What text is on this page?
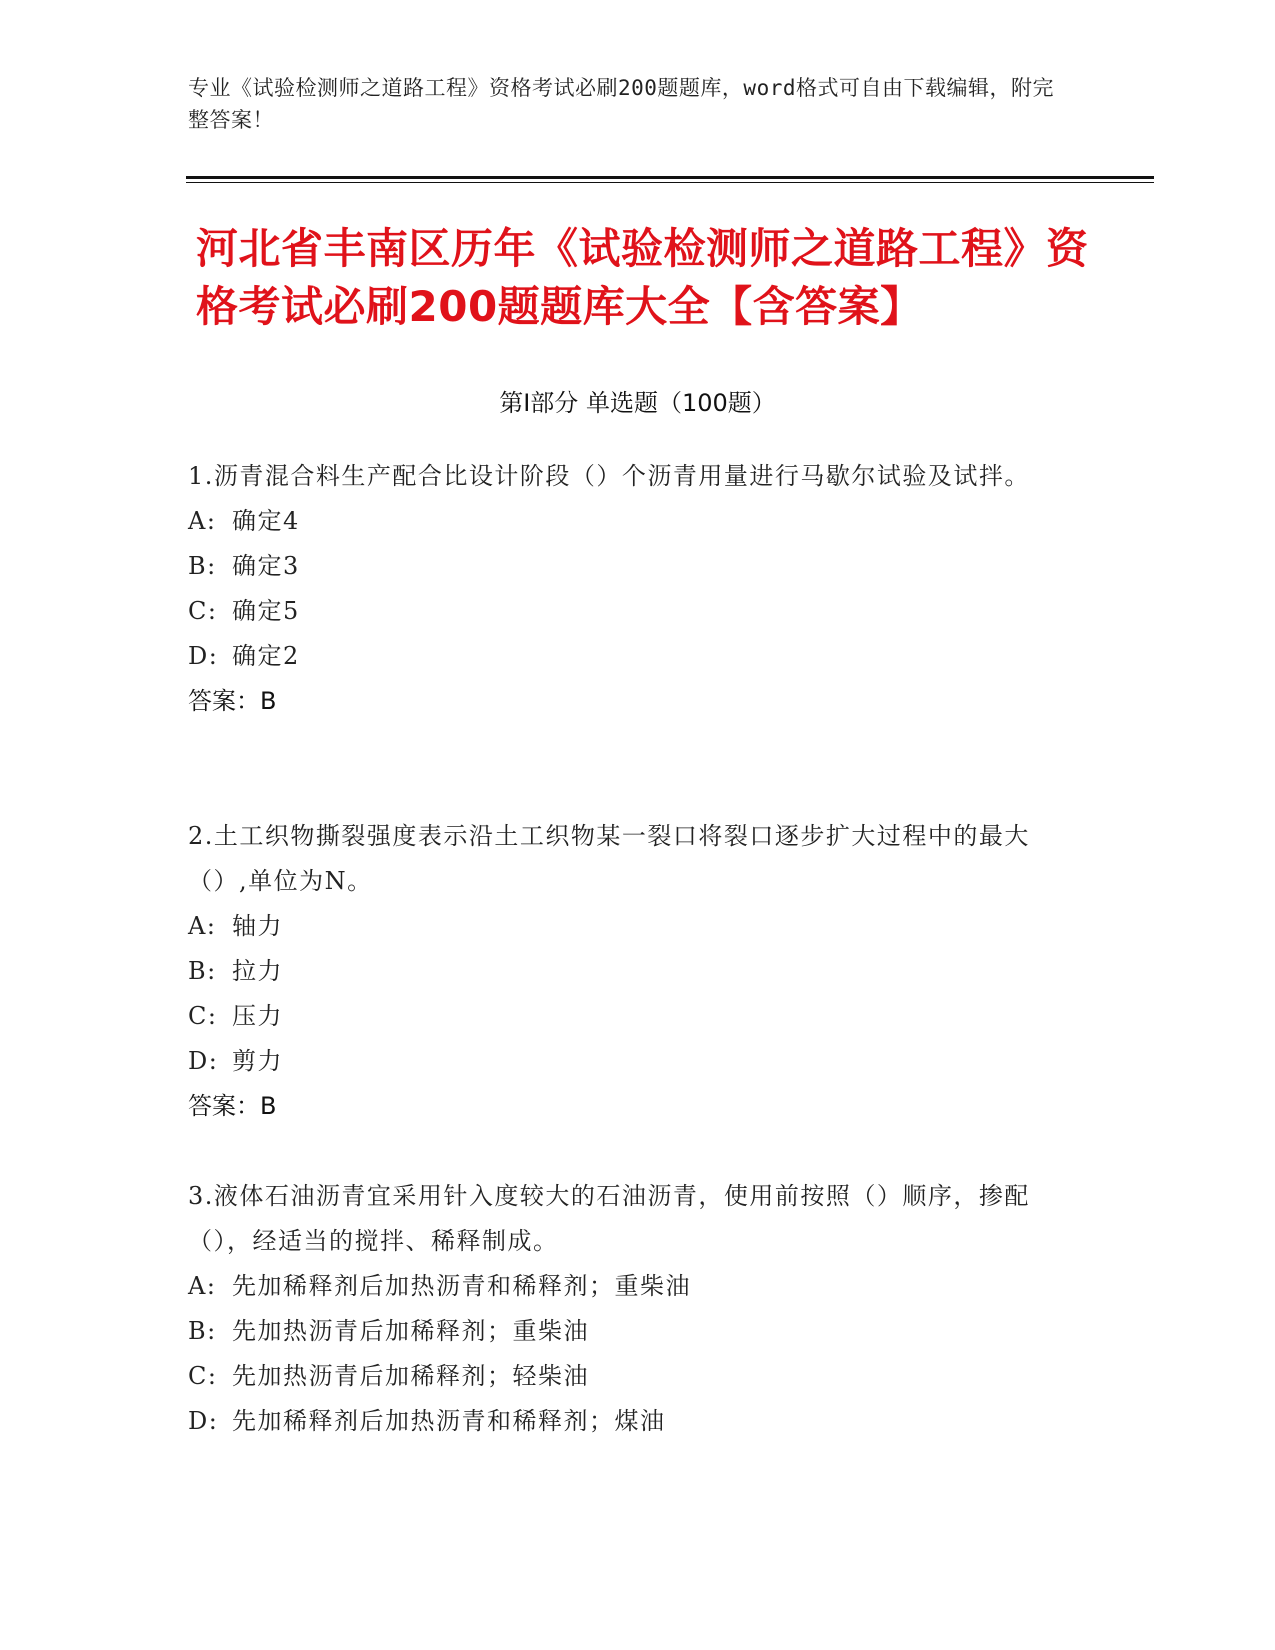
专业《试验检测师之道路工程》资格考试必刷200题题库，word格式可自由下载编辑，附完整答案！
河北省丰南区历年《试验检测师之道路工程》资格考试必刷200题题库大全【含答案】
第Ⅰ部分 单选题（100题）
1.沥青混合料生产配合比设计阶段（）个沥青用量进行马歇尔试验及试拌。
A: 确定4
B: 确定3
C: 确定5
D: 确定2
答案：B
2.土工织物撕裂强度表示沿土工织物某一裂口将裂口逐步扩大过程中的最大（）,单位为N。
A: 轴力
B: 拉力
C: 压力
D: 剪力
答案：B
3.液体石油沥青宜采用针入度较大的石油沥青，使用前按照（）顺序，掺配（），经适当的搅拌、稀释制成。
A: 先加稀释剂后加热沥青和稀释剂；重柴油
B: 先加热沥青后加稀释剂；重柴油
C: 先加热沥青后加稀释剂；轻柴油
D: 先加稀释剂后加热沥青和稀释剂；煤油
